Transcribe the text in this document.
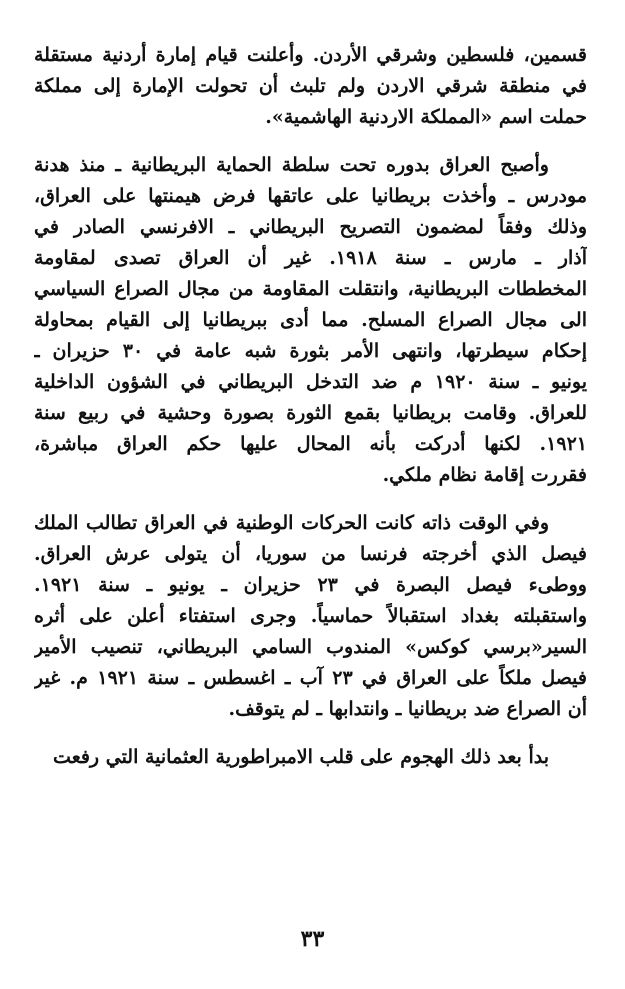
قسمين، فلسطين وشرقي الأردن. وأعلنت قيام إمارة أردنية مستقلة
في منطقة شرقي الاردن ولم تلبث أن تحولت الإمارة إلى مملكة
حملت اسم «المملكة الاردنية الهاشمية».
وأصبح العراق بدوره تحت سلطة الحماية البريطانية ـ منذ هدنة
مودرس ـ وأخذت بريطانيا على عاتقها فرض هيمنتها على العراق،
وذلك وفقاً لمضمون التصريح البريطاني ـ الافرنسي الصادر في
آذار ـ مارس ـ سنة ١٩١٨. غير أن العراق تصدى لمقاومة
المخططات البريطانية، وانتقلت المقاومة من مجال الصراع السياسي
الى مجال الصراع المسلح. مما أدى ببريطانيا إلى القيام بمحاولة
إحكام سيطرتها، وانتهى الأمر بثورة شبه عامة في ٣٠ حزيران ـ
يونيو ـ سنة ١٩٢٠ م ضد التدخل البريطاني في الشؤون الداخلية
للعراق. وقامت بريطانيا بقمع الثورة بصورة وحشية في ربيع سنة
١٩٢١. لكنها أدركت بأنه المحال عليها حكم العراق مباشرة،
فقررت إقامة نظام ملكي.
وفي الوقت ذاته كانت الحركات الوطنية في العراق تطالب الملك
فيصل الذي أخرجته فرنسا من سوريا، أن يتولى عرش العراق.
ووطىء فيصل البصرة في ٢٣ حزيران ـ يونيو ـ سنة ١٩٢١.
واستقبلته بغداد استقبالاً حماسياً. وجرى استفتاء أعلن على أثره
السير«برسي كوكس» المندوب السامي البريطاني، تنصيب الأمير
فيصل ملكاً على العراق في ٢٣ آب ـ اغسطس ـ سنة ١٩٢١ م. غير
أن الصراع ضد بريطانيا ـ وانتدابها ـ لم يتوقف.
بدأ بعد ذلك الهجوم على قلب الامبراطورية العثمانية التي رفعت
٣٣
